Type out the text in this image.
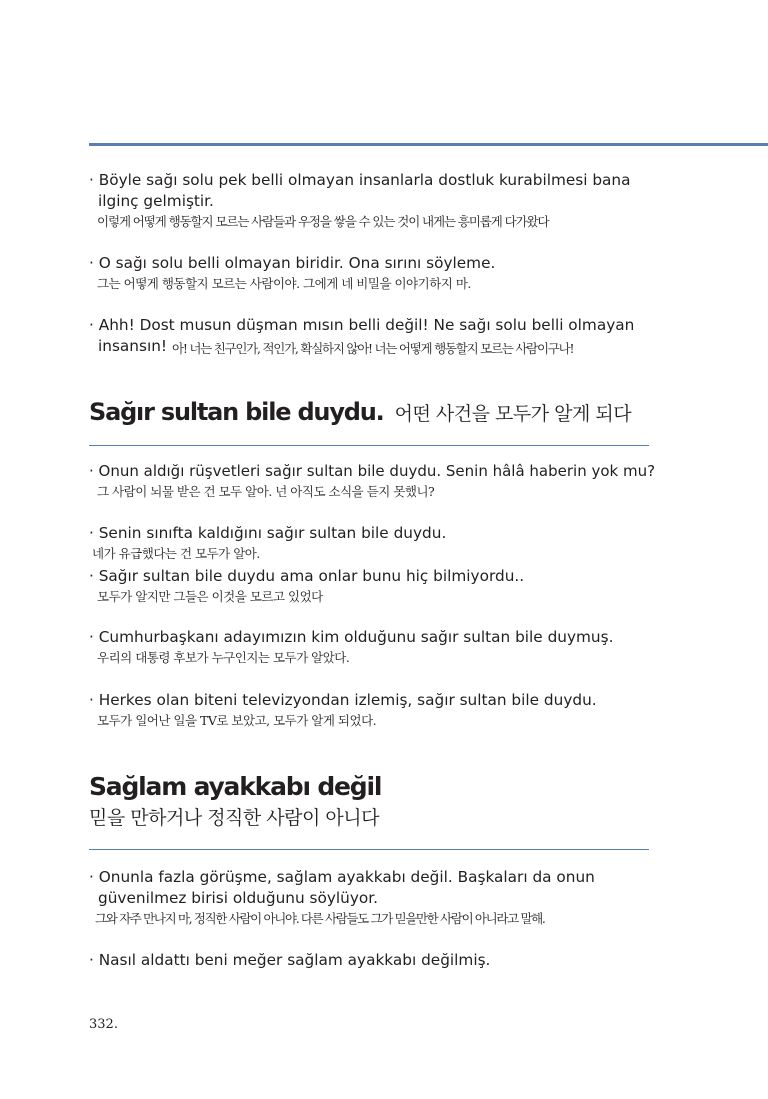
· Böyle sağı solu pek belli olmayan insanlarla dostluk kurabilmesi bana ilginç gelmiştir.

이렇게 어떻게 행동할지 모르는 사람들과 우정을 쌓을 수 있는 것이 내게는 흥미롭게 다가왔다

· O sağı solu belli olmayan biridir. Ona sırını söyleme.

그는 어떻게 행동할지 모르는 사람이야. 그에게 네 비밀을 이야기하지 마.

· Ahh! Dost musun düşman mısın belli değil! Ne sağı solu belli olmayan insansın! 아! 너는 친구인가, 적인가, 확실하지 않아! 너는 어떻게 행동할지 모르는 사람이구나!
Sağır sultan bile duydu. 어떤 사건을 모두가 알게 되다

· Onun aldığı rüşvetleri sağır sultan bile duydu. Senin hâlâ haberin yok mu?

그 사람이 뇌물 받은 건 모두 알아. 넌 아직도 소식을 듣지 못했니?

· Senin sınıfta kaldığını sağır sultan bile duydu.

네가 유급했다는 건 모두가 알아.

· Sağır sultan bile duydu ama onlar bunu hiç bilmiyordu..

모두가 알지만 그들은 이것을 모르고 있었다

· Cumhurbaşkanı adayımızın kim olduğunu sağır sultan bile duymuş.

우리의 대통령 후보가 누구인지는 모두가 알았다.

· Herkes olan biteni televizyondan izlemiş, sağır sultan bile duydu.

모두가 일어난 일을 TV로 보았고, 모두가 알게 되었다.

Sağlam ayakkabı değil
믿을 만하거나 정직한 사람이 아니다

· Onunla fazla görüşme, sağlam ayakkabı değil. Başkaları da onun güvenilmez birisi olduğunu söylüyor.

그와 자주 만나지 마, 정직한 사람이 아니야. 다른 사람들도 그가 믿을만한 사람이 아니라고 말해.

· Nasıl aldattı beni meğer sağlam ayakkabı değilmiş.

332.
